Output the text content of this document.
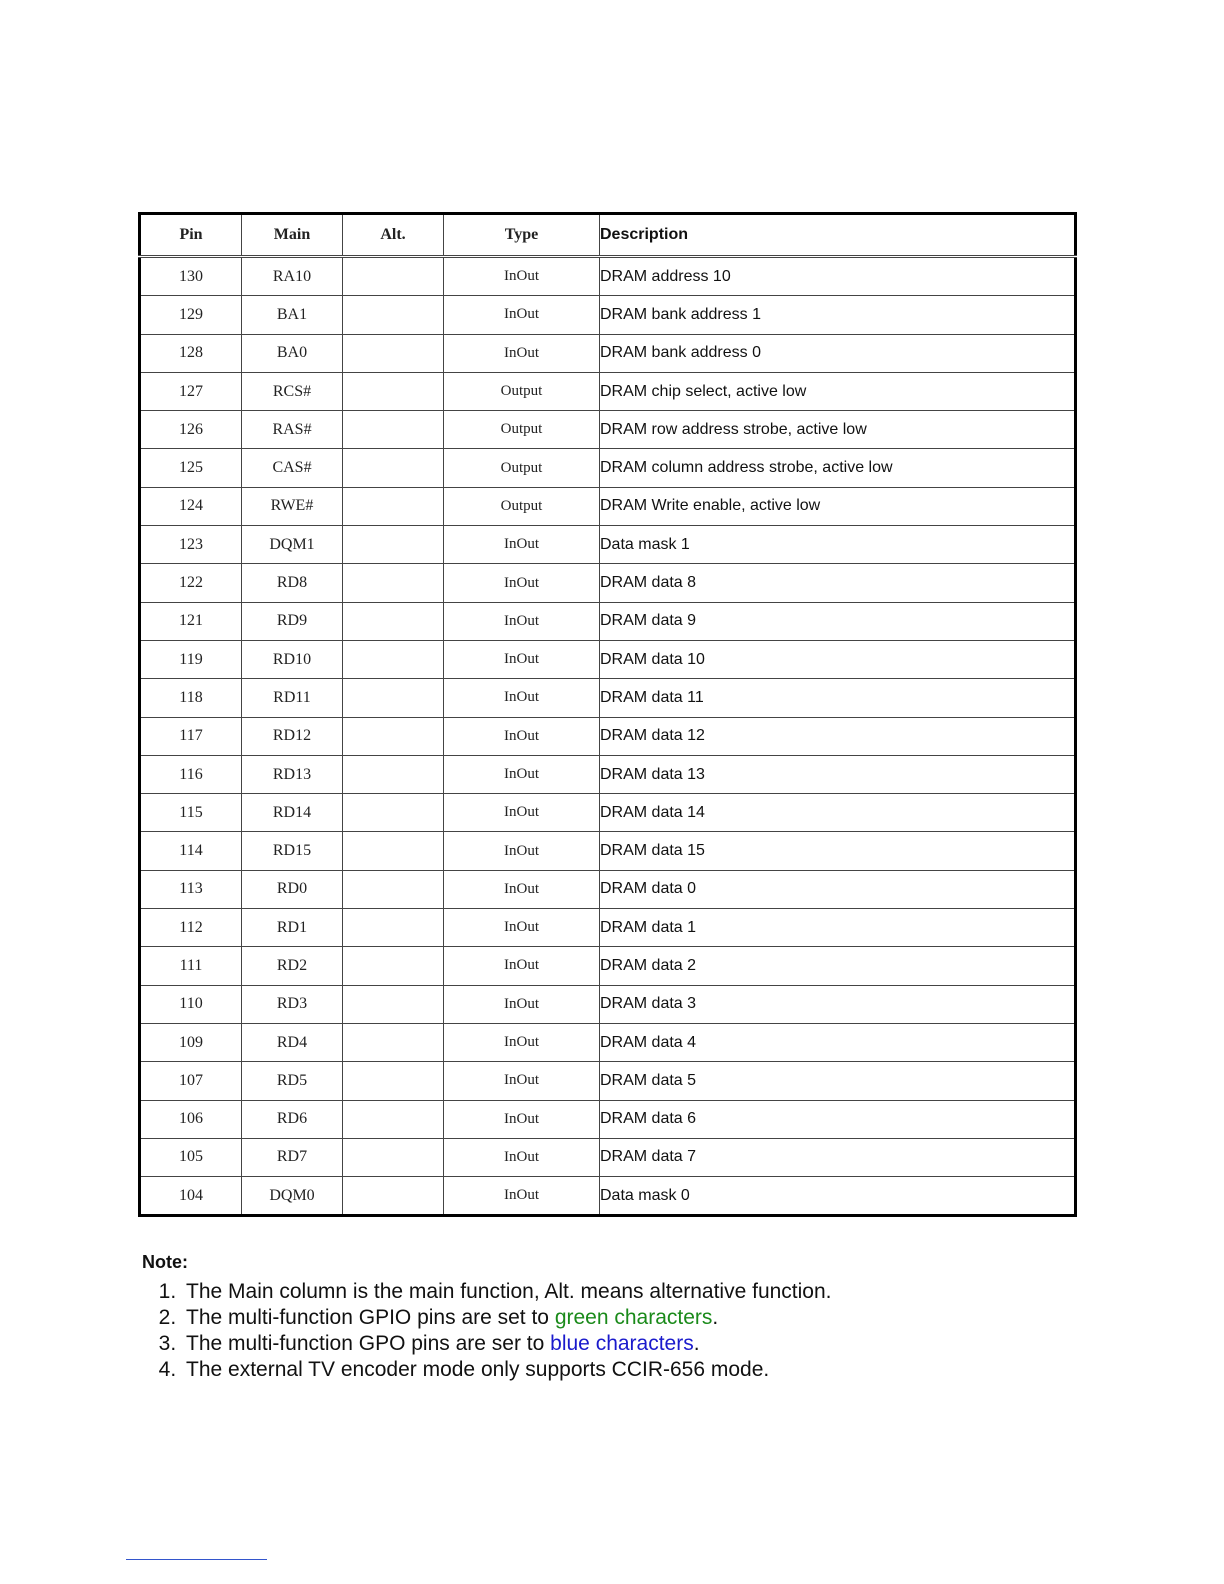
Pin	Main	Alt.	Type	Description
130	RA10		InOut	DRAM address 10
129	BA1		InOut	DRAM bank address 1
128	BA0		InOut	DRAM bank address 0
127	RCS#		Output	DRAM chip select, active low
126	RAS#		Output	DRAM row address strobe, active low
125	CAS#		Output	DRAM column address strobe, active low
124	RWE#		Output	DRAM Write enable, active low
123	DQM1		InOut	Data mask 1
122	RD8		InOut	DRAM data 8
121	RD9		InOut	DRAM data 9
119	RD10		InOut	DRAM data 10
118	RD11		InOut	DRAM data 11
117	RD12		InOut	DRAM data 12
116	RD13		InOut	DRAM data 13
115	RD14		InOut	DRAM data 14
114	RD15		InOut	DRAM data 15
113	RD0		InOut	DRAM data 0
112	RD1		InOut	DRAM data 1
111	RD2		InOut	DRAM data 2
110	RD3		InOut	DRAM data 3
109	RD4		InOut	DRAM data 4
107	RD5		InOut	DRAM data 5
106	RD6		InOut	DRAM data 6
105	RD7		InOut	DRAM data 7
104	DQM0		InOut	Data mask 0
Note:
1. The Main column is the main function, Alt. means alternative function.
2. The multi-function GPIO pins are set to green characters.
3. The multi-function GPO pins are ser to blue characters.
4. The external TV encoder mode only supports CCIR-656 mode.
